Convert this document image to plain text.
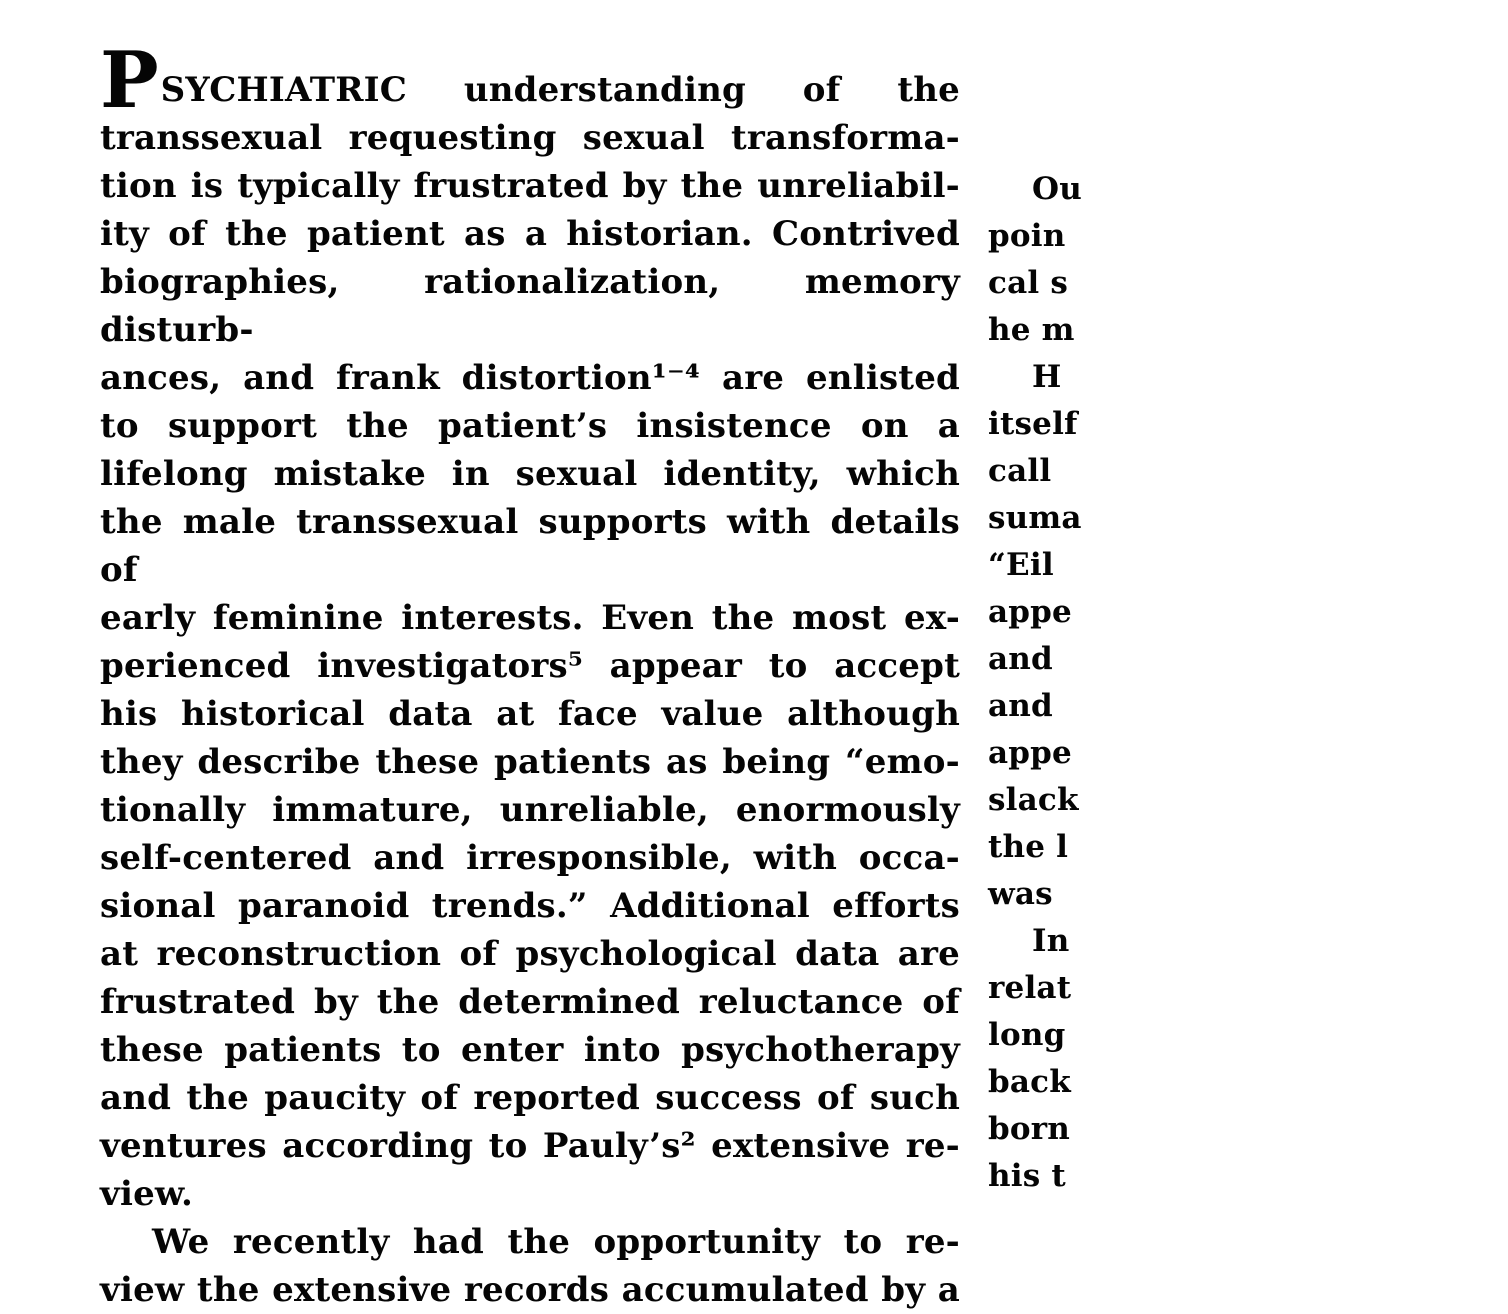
PSYCHIATRIC understanding of the
transsexual requesting sexual transforma-
tion is typically frustrated by the unreliabil-
ity of the patient as a historian. Contrived
biographies, rationalization, memory disturb-
ances, and frank distortion¹⁻⁴ are enlisted
to support the patient’s insistence on a
lifelong mistake in sexual identity, which
the male transsexual supports with details of
early feminine interests. Even the most ex-
perienced investigators⁵ appear to accept
his historical data at face value although
they describe these patients as being “emo-
tionally immature, unreliable, enormously
self-centered and irresponsible, with occa-
sional paranoid trends.” Additional efforts
at reconstruction of psychological data are
frustrated by the determined reluctance of
these patients to enter into psychotherapy
and the paucity of reported success of such
ventures according to Pauly’s² extensive re-
view.
We recently had the opportunity to re-
view the extensive records accumulated by a
Ou
poin
cal s
he m
H
itself
call
suma
“Eil
appe
and
and
appe
slack
the l
was
In
relat
long
back
born
his t
